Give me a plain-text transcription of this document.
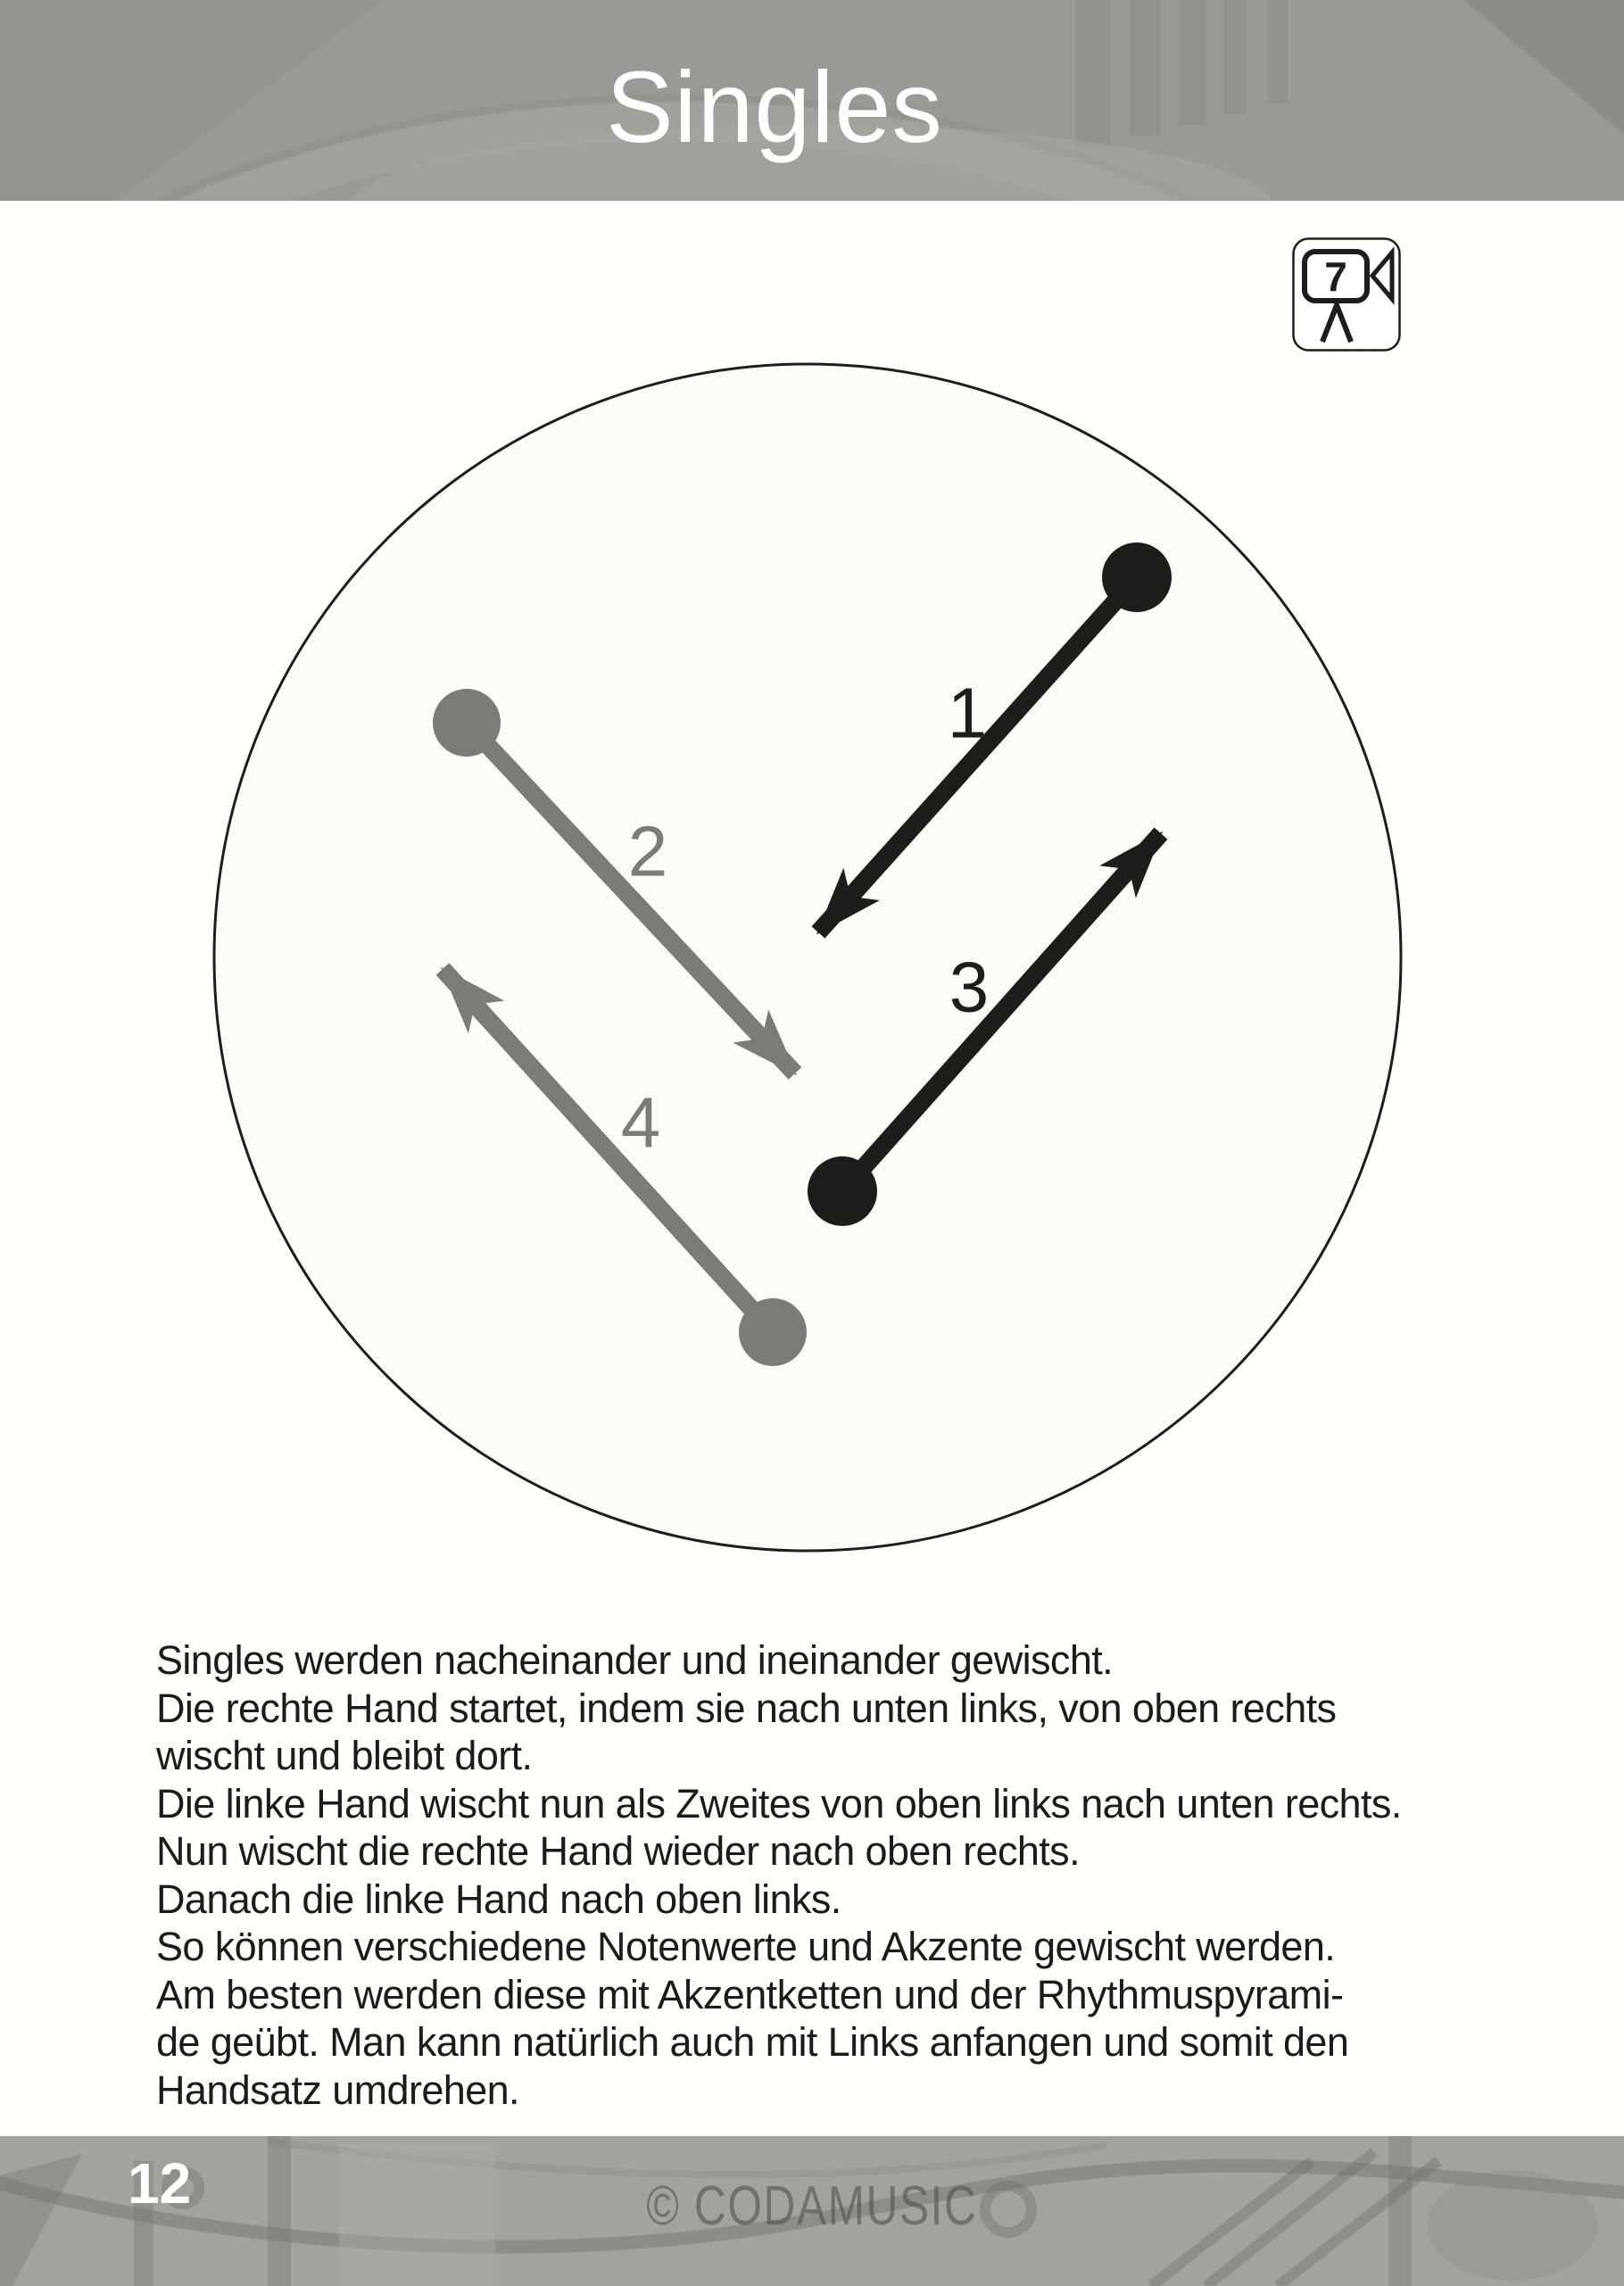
Singles
7
1
2
3
4

Singles werden nacheinander und ineinander gewischt.

Die rechte Hand startet, indem sie nach unten links, von oben rechts

wischt und bleibt dort.

Die linke Hand wischt nun als Zweites von oben links nach unten rechts.

Nun wischt die rechte Hand wieder nach oben rechts.

Danach die linke Hand nach oben links.

So können verschiedene Notenwerte und Akzente gewischt werden.

Am besten werden diese mit Akzentketten und der Rhythmuspyrami-

de geübt. Man kann natürlich auch mit Links anfangen und somit den

Handsatz umdrehen.

12	© CODAMUSIC
